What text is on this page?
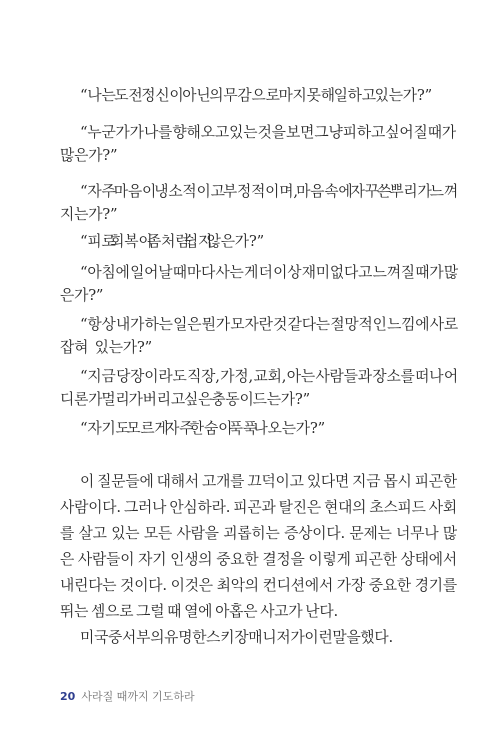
“나는 도전 정신이 아닌 의무감으로 마지못해 일하고 있는가?”
“누군가가 나를 향해 오고 있는 것을 보면 그냥 피하고 싶어질 때가
많은가?”
“자주 마음이 냉소적이고 부정적이며, 마음속에 자꾸 쓴 뿌리가 느껴
지는가?”
“피로 회복이 좀처럼 쉽지 않은가?”
“아침에 일어날 때마다 사는 게 더 이상 재미없다고 느껴질 때가 많
은가?”
“항상 내가 하는 일은 뭔가 모자란 것 같다는 절망적인 느낌에 사로
잡혀 있는가?”
“지금 당장이라도 직장, 가정, 교회, 아는 사람들과 장소를 떠나 어
디론가 멀리 가버리고 싶은 충동이 드는가?”
“자기도 모르게 자주 한숨이 푹푹 나오는가?”
이 질문들에 대해서 고개를 끄덕이고 있다면 지금 몹시 피곤한
사람이다. 그러나 안심하라. 피곤과 탈진은 현대의 초스피드 사회
를 살고 있는 모든 사람을 괴롭히는 증상이다. 문제는 너무나 많
은 사람들이 자기 인생의 중요한 결정을 이렇게 피곤한 상태에서
내린다는 것이다. 이것은 최악의 컨디션에서 가장 중요한 경기를
뛰는 셈으로 그럴 때 열에 아홉은 사고가 난다.
미국 중서부의 유명한 스키장 매니저가 이런 말을 했다.
20 사라질 때까지 기도하라
